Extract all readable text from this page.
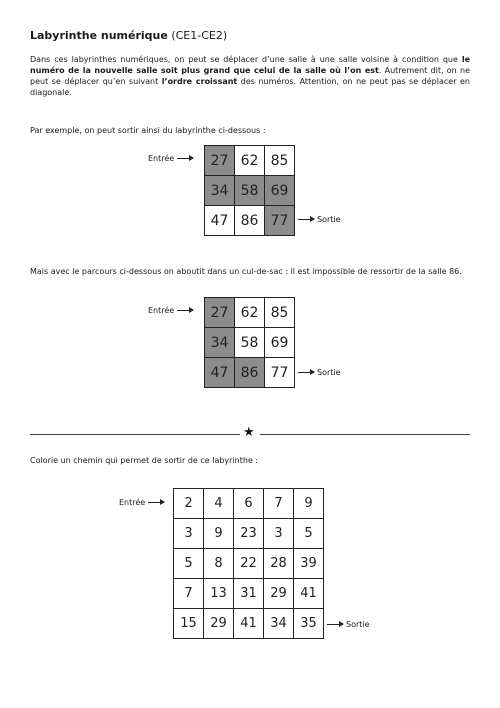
Labyrinthe numérique (CE1-CE2)

Dans ces labyrinthes numériques, on peut se déplacer d’une salle à une salle voisine à condition que le numéro de la nouvelle salle soit plus grand que celui de la salle où l’on est. Autrement dit, on ne peut se déplacer qu’en suivant l’ordre croissant des numéros. Attention, on ne peut pas se déplacer en diagonale.

Par exemple, on peut sortir ainsi du labyrinthe ci-dessous :

Entrée	27	62	85
34	58	69
47	86	77	Sortie

Mais avec le parcours ci-dessous on aboutit dans un cul-de-sac : il est impossible de ressortir de la salle 86.

Entrée	27	62	85
34	58	69
47	86	77	Sortie
★

Colorie un chemin qui permet de sortir de ce labyrinthe :

Entrée	2	4	6	7	9
3	9	23	3	5
5	8	22	28	39
7	13	31	29	41
15	29	41	34	35	Sortie
